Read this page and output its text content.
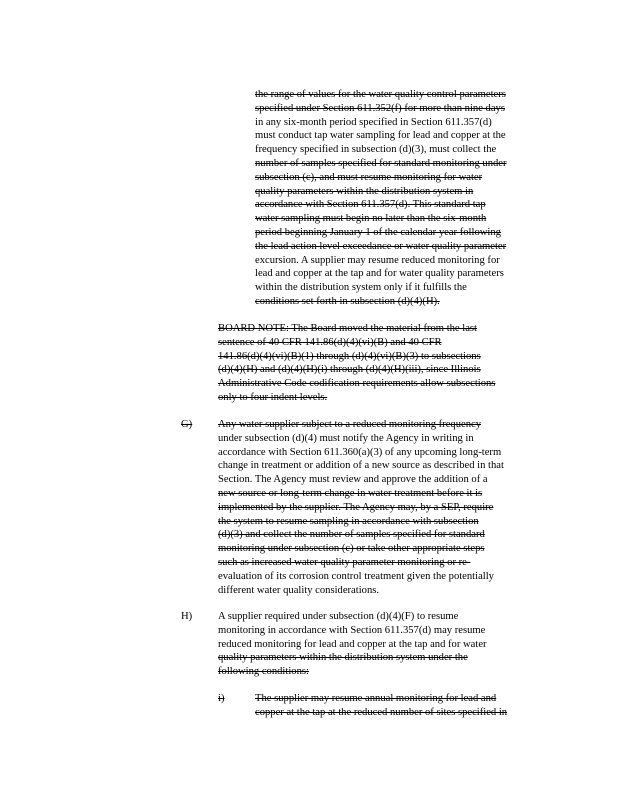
the range of values for the water quality control parameters

specified under Section 611.352(f) for more than nine days

in any six-month period specified in Section 611.357(d)

must conduct tap water sampling for lead and copper at the

frequency specified in subsection (d)(3), must collect the

number of samples specified for standard monitoring under

subsection (c), and must resume monitoring for water

quality parameters within the distribution system in

accordance with Section 611.357(d). This standard tap

water sampling must begin no later than the six-month

period beginning January 1 of the calendar year following

the lead action level exceedance or water quality parameter

excursion. A supplier may resume reduced monitoring for

lead and copper at the tap and for water quality parameters

within the distribution system only if it fulfills the

conditions set forth in subsection (d)(4)(H).

BOARD NOTE: The Board moved the material from the last

sentence of 40 CFR 141.86(d)(4)(vi)(B) and 40 CFR

141.86(d)(4)(vi)(B)(1) through (d)(4)(vi)(B)(3) to subsections

(d)(4)(H) and (d)(4)(H)(i) through (d)(4)(H)(iii), since Illinois

Administrative Code codification requirements allow subsections

only to four indent levels.

G) Any water supplier subject to a reduced monitoring frequency

under subsection (d)(4) must notify the Agency in writing in

accordance with Section 611.360(a)(3) of any upcoming long-term

change in treatment or addition of a new source as described in that

Section. The Agency must review and approve the addition of a

new source or long-term change in water treatment before it is

implemented by the supplier. The Agency may, by a SEP, require

the system to resume sampling in accordance with subsection

(d)(3) and collect the number of samples specified for standard

monitoring under subsection (c) or take other appropriate steps

such as increased water quality parameter monitoring or re-

evaluation of its corrosion control treatment given the potentially

different water quality considerations.

H) A supplier required under subsection (d)(4)(F) to resume

monitoring in accordance with Section 611.357(d) may resume

reduced monitoring for lead and copper at the tap and for water

quality parameters within the distribution system under the

following conditions:

i)	The supplier may resume annual monitoring for lead and

copper at the tap at the reduced number of sites specified in
